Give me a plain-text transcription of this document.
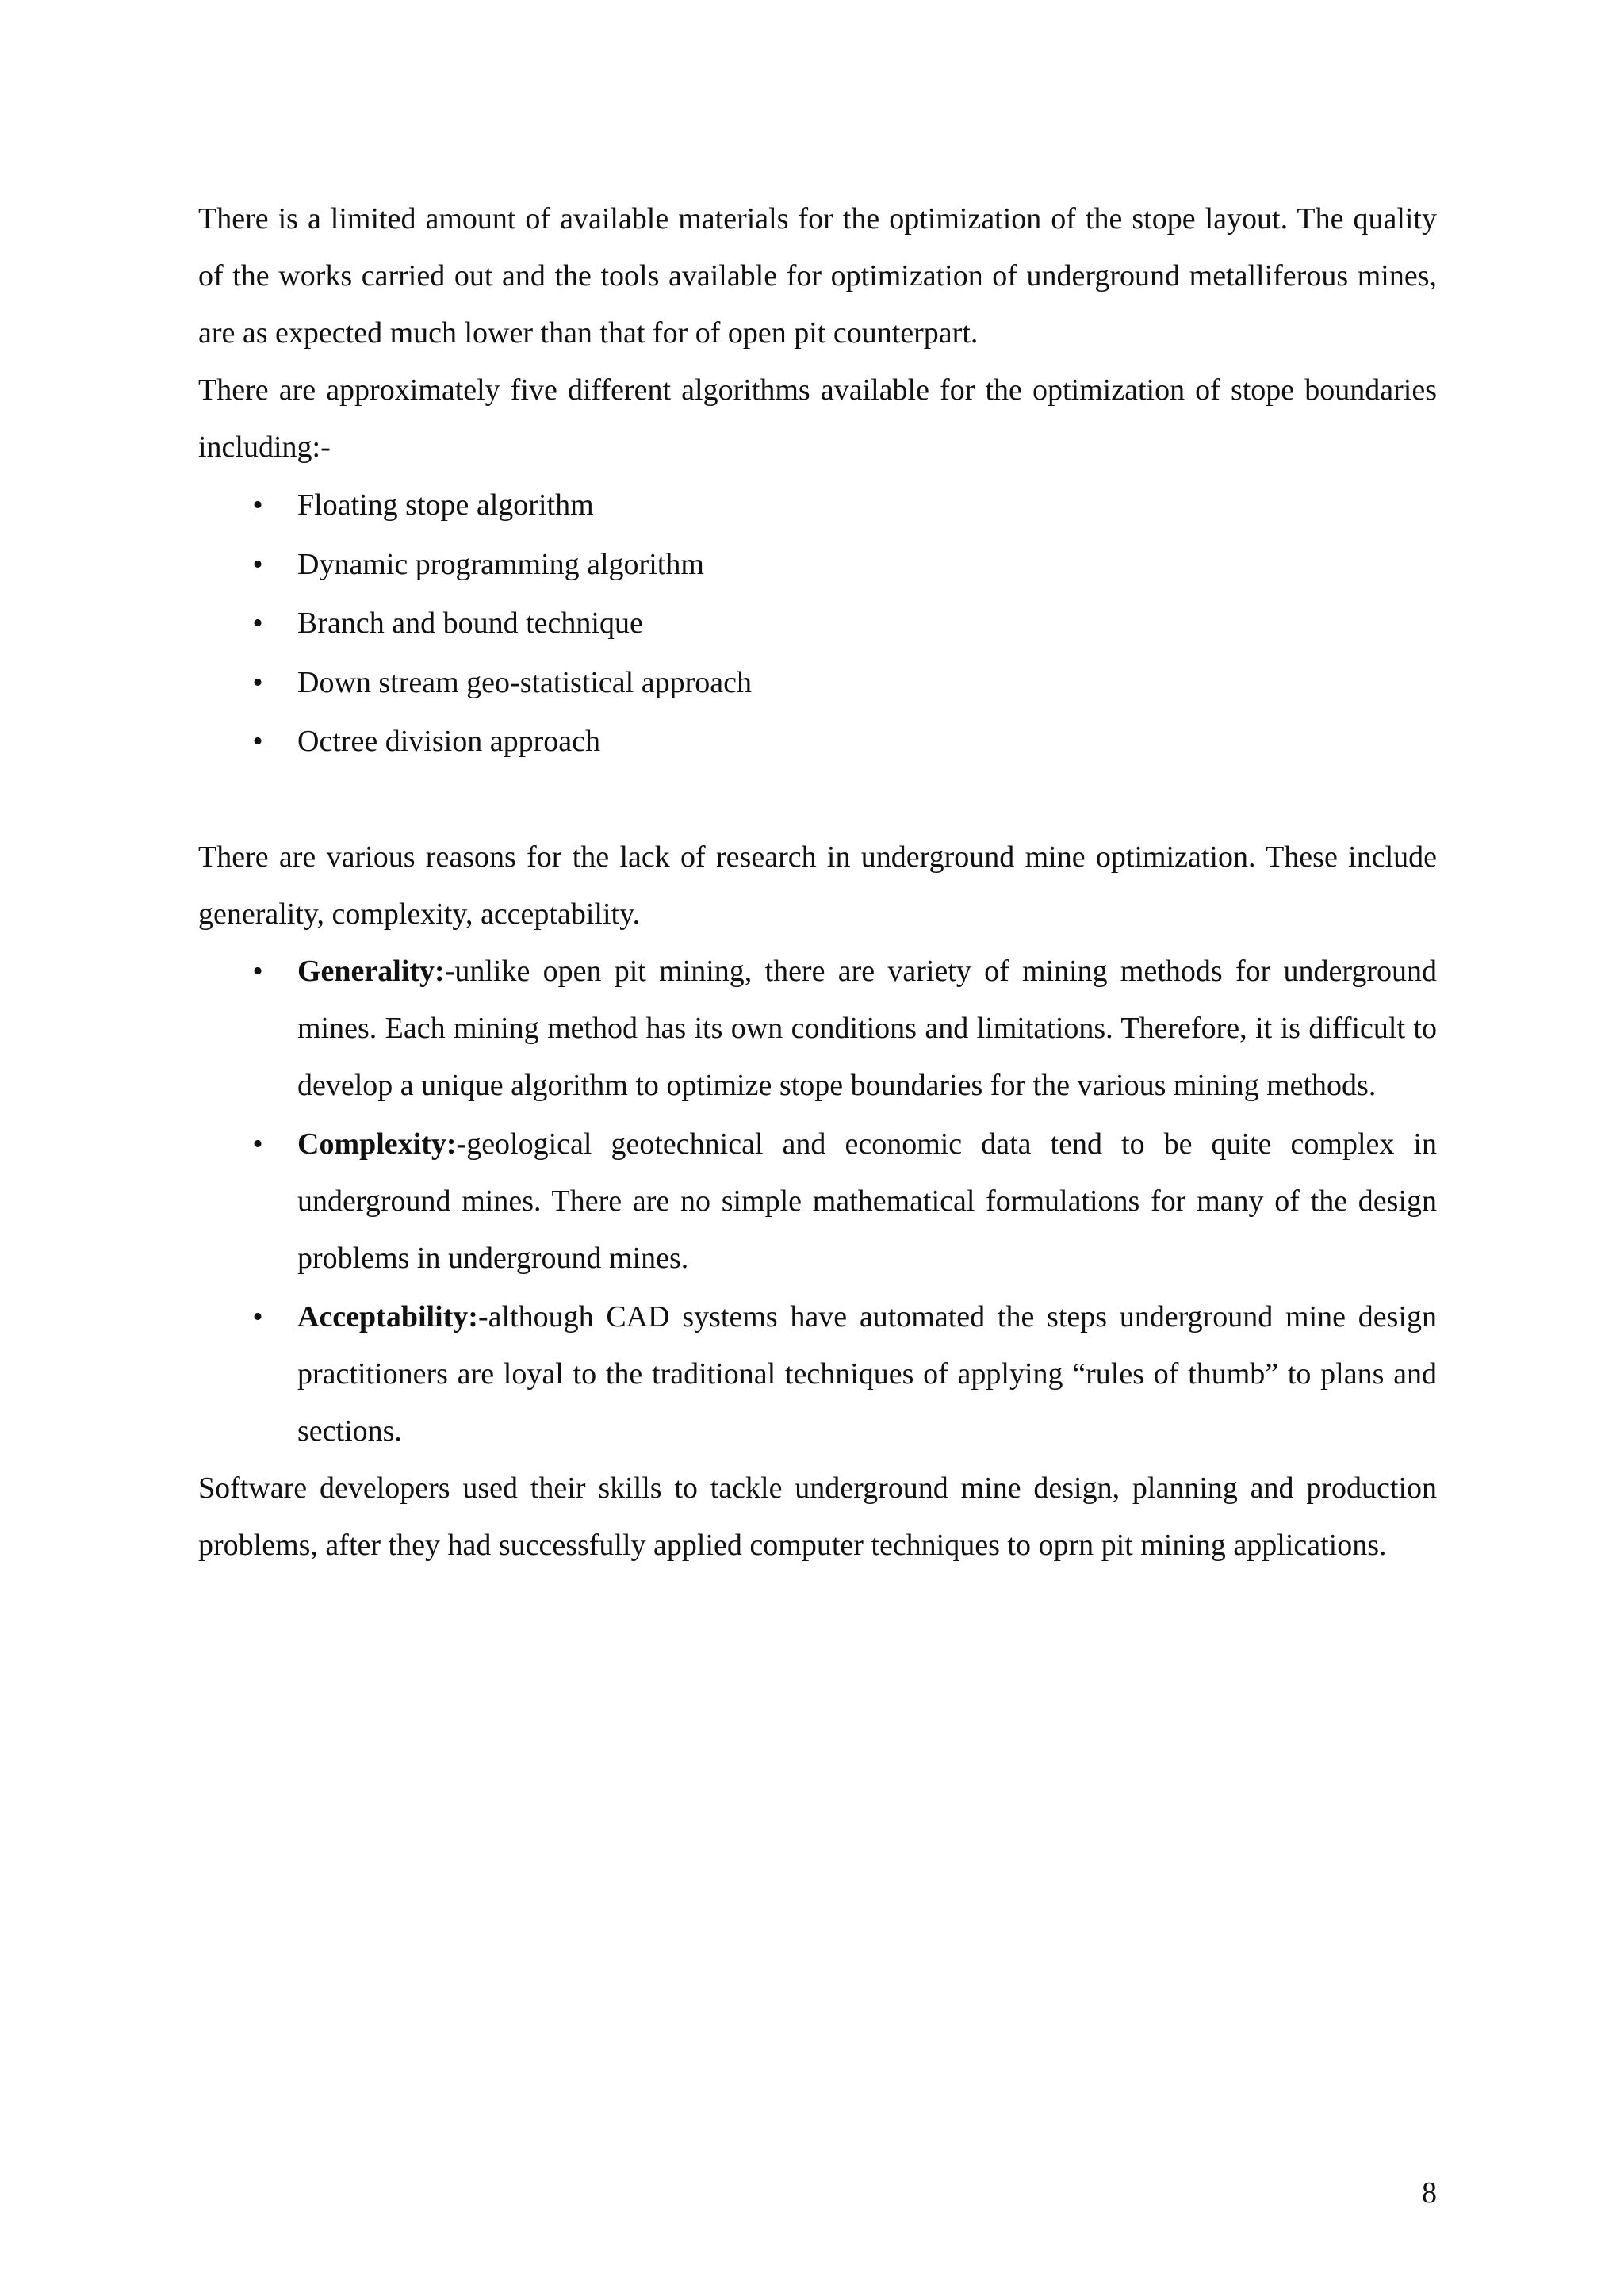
There is a limited amount of available materials for the optimization of the stope layout. The quality of the works carried out and the tools available for optimization of underground metalliferous mines, are as expected much lower than that for of open pit counterpart.

There are approximately five different algorithms available for the optimization of stope boundaries including:-

• Floating stope algorithm
• Dynamic programming algorithm
• Branch and bound technique
• Down stream geo-statistical approach
• Octree division approach

There are various reasons for the lack of research in underground mine optimization. These include generality, complexity, acceptability.

• Generality:-unlike open pit mining, there are variety of mining methods for underground mines. Each mining method has its own conditions and limitations. Therefore, it is difficult to develop a unique algorithm to optimize stope boundaries for the various mining methods.
• Complexity:-geological geotechnical and economic data tend to be quite complex in underground mines. There are no simple mathematical formulations for many of the design problems in underground mines.
• Acceptability:-although CAD systems have automated the steps underground mine design practitioners are loyal to the traditional techniques of applying “rules of thumb” to plans and sections.

Software developers used their skills to tackle underground mine design, planning and production problems, after they had successfully applied computer techniques to oprn pit mining applications.

8
